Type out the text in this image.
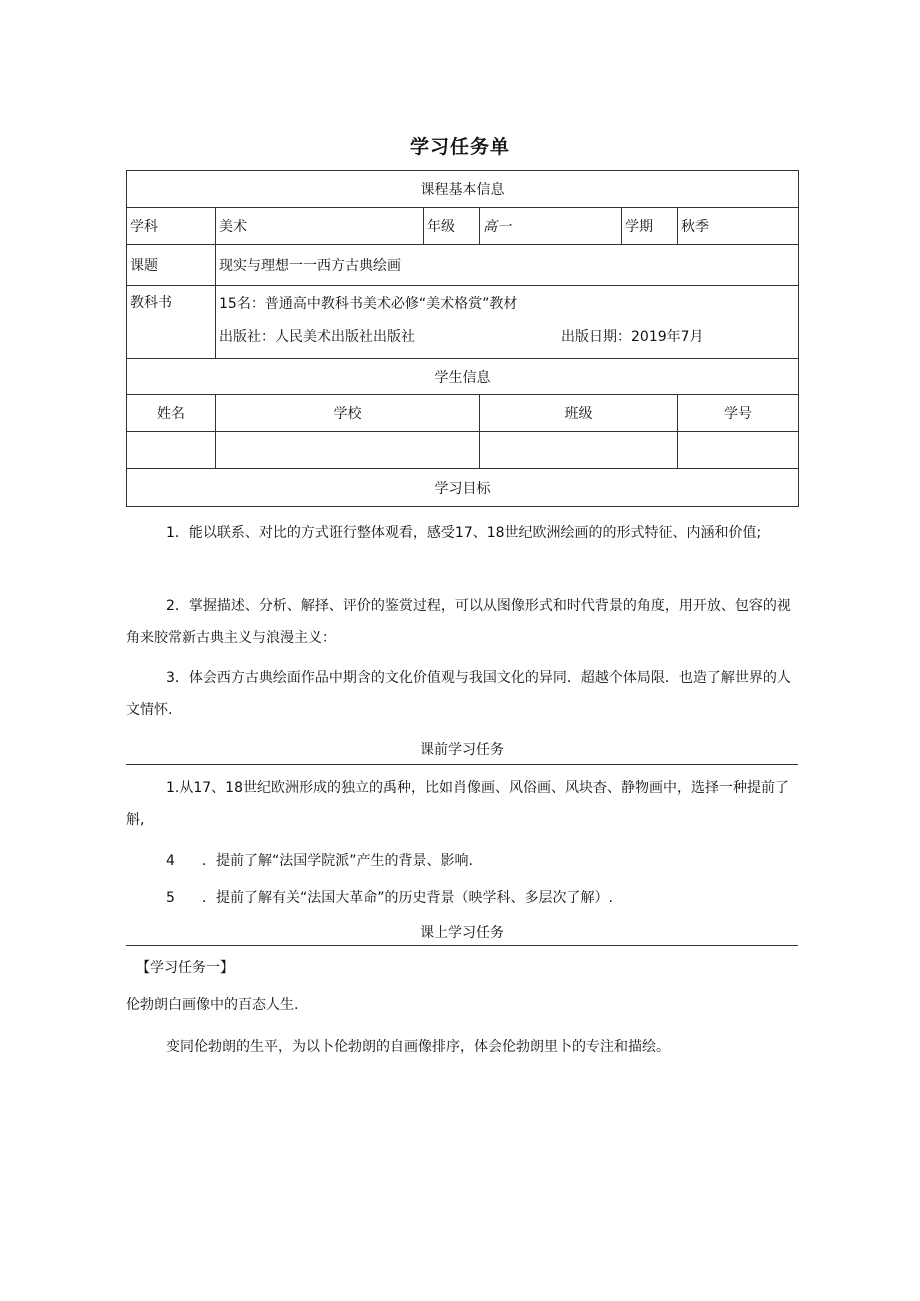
学习任务单
课程基本信息					
学科	美术	年级	高一	学期	秋季
课题	现实与理想一一西方古典绘画				
教科书	15名：普通高中教科书美术必修“美术格赏”教材
出版社：人民美术出版社出版社 出版日期：2019年7月				

学生信息					
姓名	学校		班级		学号

学习目标					
1．能以联系、对比的方式诳行整体观看，感受17、18世纪欧洲绘画的的形式特征、内涵和价值;
2．掌握描述、分析、解择、评价的鉴赏过程，可以从图像形式和时代背景的角度，用开放、包容的视角来胶常新古典主义与浪漫主义：
3．体会西方古典绘面作品中期含的文化价值观与我国文化的异同．超越个体局限．也造了解世界的人文情怀.
课前学习任务
1.从17、18世纪欧洲形成的独立的禹种，比如肖像画、风俗画、风块杳、静物画中，选择一种提前了斛,
4 ．提前了解“法国学院派”产生的背景、影响.
5 ．提前了解有关“法国大革命”的历史背景（映学科、多层次了解）.
课上学习任务
【学习任务一】
伦勃朗白画像中的百态人生.
变同伦勃朗的生平，为以卜伦勃朗的自画像排序，体会伦勃朗里卜的专注和描绘。
